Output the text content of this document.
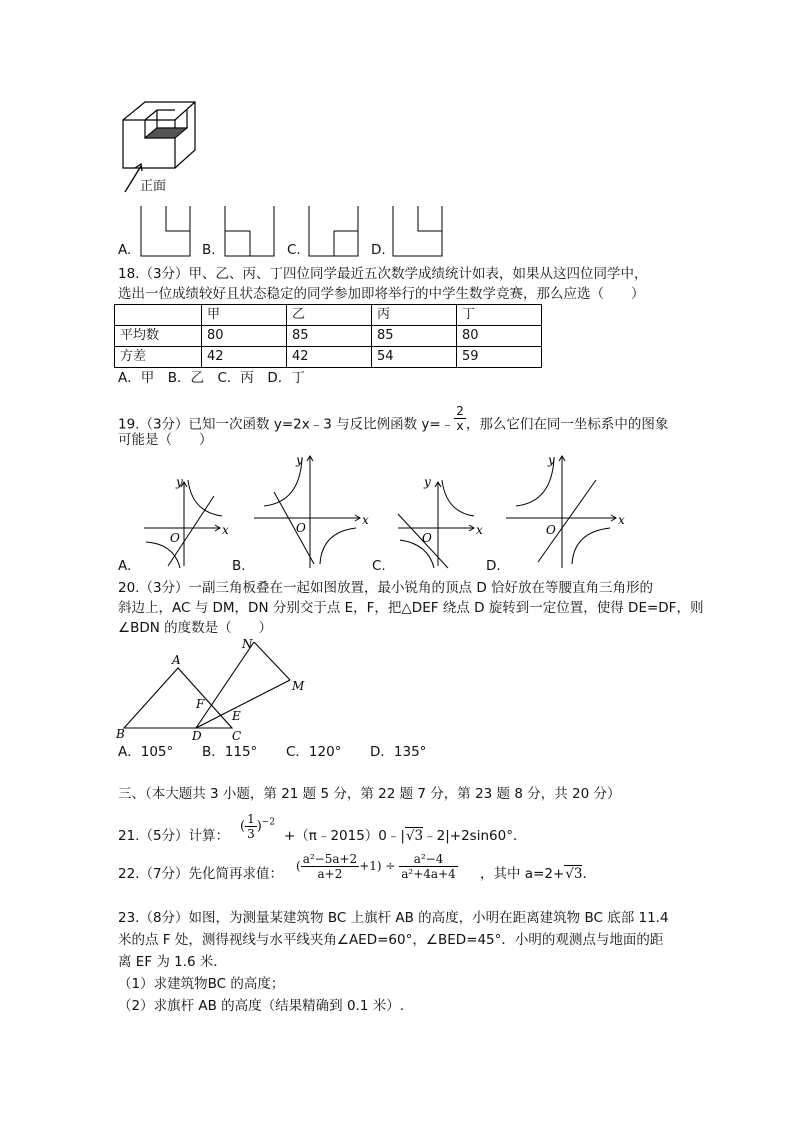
正面
A.	B.	C.	D.
18.（3分）甲、乙、丙、丁四位同学最近五次数学成绩统计如表，如果从这四位同学中，
选出一位成绩较好且状态稳定的同学参加即将举行的中学生数学竞赛，那么应选（　　）
	甲	乙	丙	丁
平均数	80	85	85	80
方差	42	42	54	59
A．甲　B．乙　C．丙　D．丁
19.（3分）已知一次函数 y=2x﹣3 与反比例函数 y=﹣ $\frac{2}{x}$ ，那么它们在同一坐标系中的图象
可能是（　　）
y
x
O
A.
y
x
O
B.
y
x
O
C.
y
x
O
D.
20.（3分）一副三角板叠在一起如图放置，最小锐角的顶点 D 恰好放在等腰直角三角形的
斜边上，AC 与 DM，DN 分别交于点 E，F，把△DEF 绕点 D 旋转到一定位置，使得 DE=DF，则
∠BDN 的度数是（　　）
A
B	C
D
E
F
M
N
A．105° B．115° C．120° D．135°
三、（本大题共 3 小题，第 21 题 5 分，第 22 题 7 分，第 23 题 8 分，共 20 分）
21.（5分）计算：
( $\frac{1}{3} )^{-2}$
+（π﹣2015）0﹣|√3﹣2|+2sin60°．
22.（7分）先化简再求值： ( $\frac{\text{a²−5a+2}}{a+2} +1) \div \frac{\text{a²−4}}{\text{a²+4a+4}}$ ，其中 a=2+√3.
23.（8分）如图，为测量某建筑物 BC 上旗杆 AB 的高度，小明在距离建筑物 BC 底部 11.4
米的点 F 处，测得视线与水平线夹角∠AED=60°，∠BED=45°．小明的观测点与地面的距
离 EF 为 1.6 米．
（1）求建筑物BC 的高度；
（2）求旗杆 AB 的高度（结果精确到 0.1 米）.
